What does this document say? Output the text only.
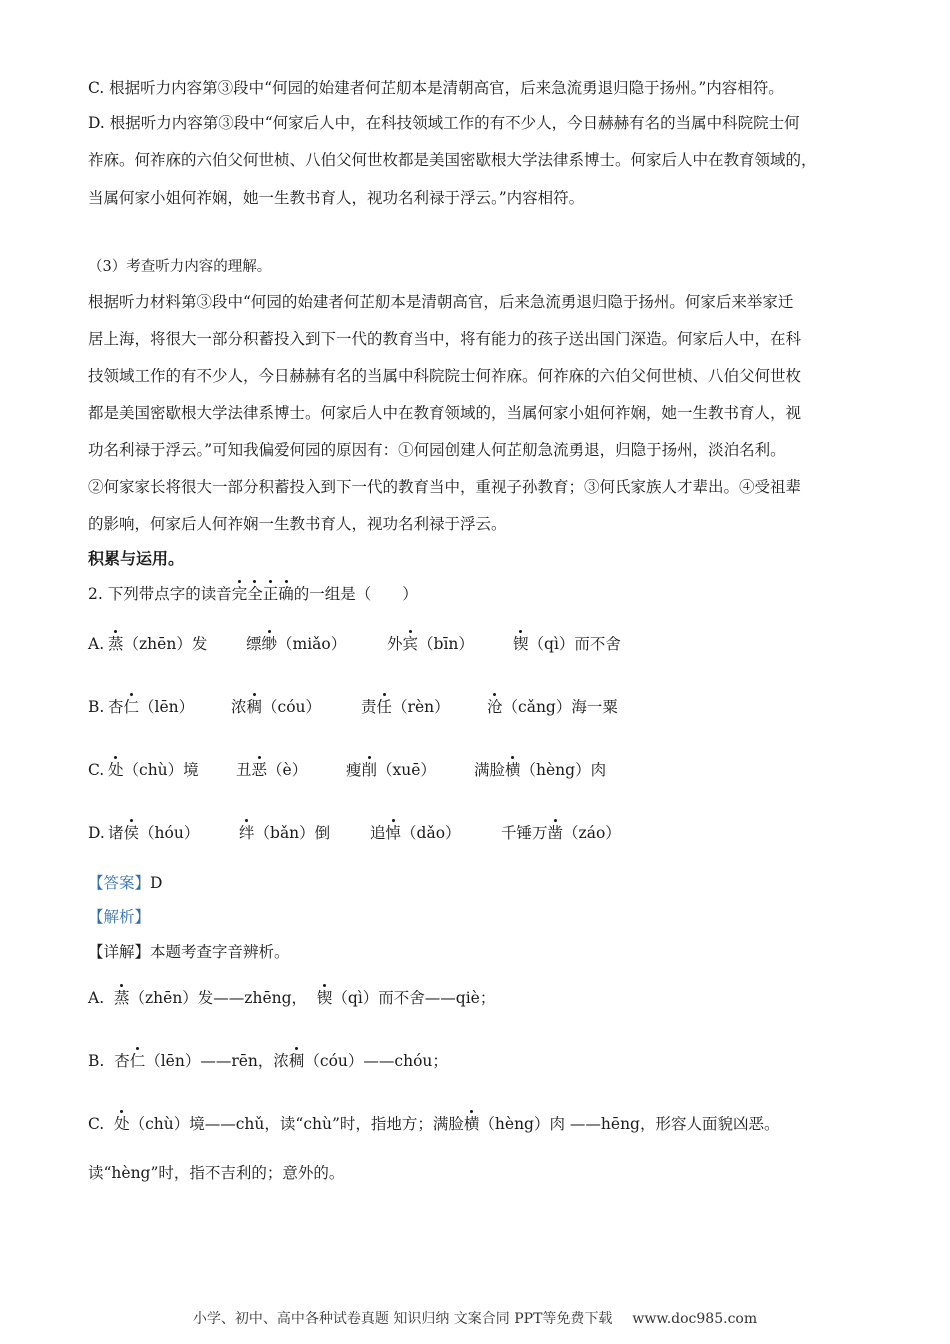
C. 根据听力内容第③段中“何园的始建者何芷舠本是清朝高官，后来急流勇退归隐于扬州。”内容相符。
D. 根据听力内容第③段中“何家后人中，在科技领域工作的有不少人，今日赫赫有名的当属中科院院士何
祚庥。何祚庥的六伯父何世桢、八伯父何世枚都是美国密歇根大学法律系博士。何家后人中在教育领域的，
当属何家小姐何祚娴，她一生教书育人，视功名利禄于浮云。”内容相符。
（3）考查听力内容的理解。
根据听力材料第③段中“何园的始建者何芷舠本是清朝高官，后来急流勇退归隐于扬州。何家后来举家迁
居上海，将很大一部分积蓄投入到下一代的教育当中，将有能力的孩子送出国门深造。何家后人中，在科
技领域工作的有不少人，今日赫赫有名的当属中科院院士何祚庥。何祚庥的六伯父何世桢、八伯父何世枚
都是美国密歇根大学法律系博士。何家后人中在教育领域的，当属何家小姐何祚娴，她一生教书育人，视
功名利禄于浮云。”可知我偏爱何园的原因有：①何园创建人何芷舠急流勇退，归隐于扬州，淡泊名利。
②何家家长将很大一部分积蓄投入到下一代的教育当中，重视子孙教育；③何氏家族人才辈出。④受祖辈
的影响，何家后人何祚娴一生教书育人，视功名利禄于浮云。
积累与运用。
2. 下列带点字的读音完全正确的一组是（　　）
A. 蒸（zhēn）发 缥缈（miǎo）	外宾（bīn）	锲（qì）而不舍
B. 杏仁（lēn） 浓稠（cóu）	责任（rèn） 沧（cǎng）海一粟
C. 处（chù）境 丑恶（è）	瘦削（xuē） 满脸横（hèng）肉
D. 诸侯（hóu）	绊（bǎn）倒	追悼（dǎo）	千锤万凿（záo）
【答案】D
【解析】
【详解】本题考查字音辨析。
A. 蒸（zhēn）发——zhēng， 锲（qì）而不舍——qiè；
B. 杏仁（lēn）——rēn，浓稠（cóu）——chóu；
C. 处（chù）境——chǔ，读“chù”时，指地方；满脸横（hèng）肉 ——hēng，形容人面貌凶恶。
读“hèng”时，指不吉利的；意外的。
小学、初中、高中各种试卷真题 知识归纳 文案合同 PPT等免费下载 www.doc985.com
